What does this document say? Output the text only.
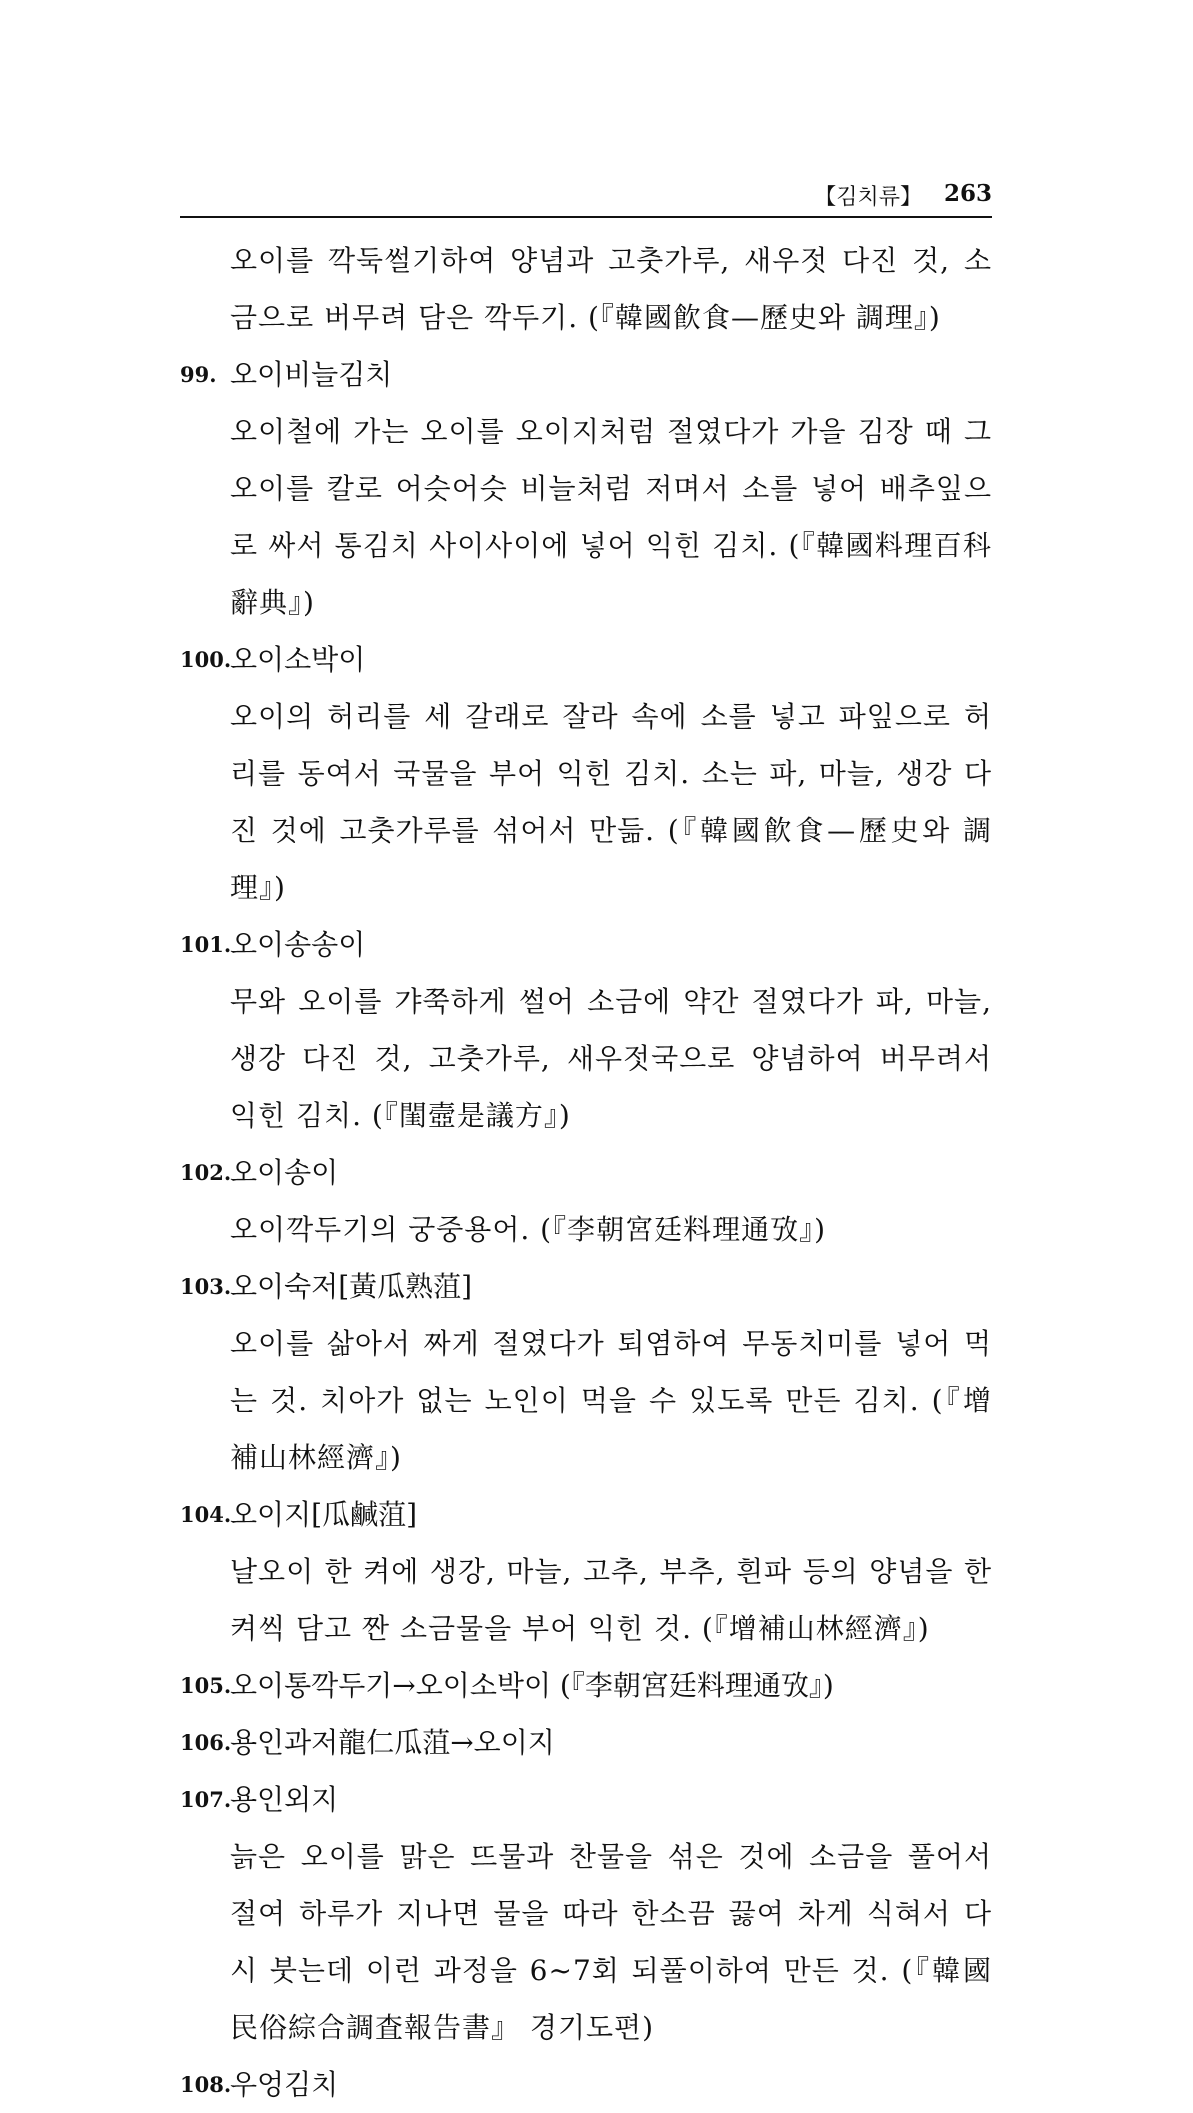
【김치류】 263

오이를 깍둑썰기하여 양념과 고춧가루, 새우젓 다진 것, 소금으로 버무려 담은 깍두기. (『韓國飮食—歷史와 調理』)

99. 오이비늘김치

오이철에 가는 오이를 오이지처럼 절였다가 가을 김장 때 그 오이를 칼로 어슷어슷 비늘처럼 저며서 소를 넣어 배추잎으로 싸서 통김치 사이사이에 넣어 익힌 김치. (『韓國料理百科辭典』)

100.
오이소박이

오이의 허리를 세 갈래로 잘라 속에 소를 넣고 파잎으로 허리를 동여서 국물을 부어 익힌 김치. 소는 파, 마늘, 생강 다진 것에 고춧가루를 섞어서 만듦. (『韓國飮食—歷史와 調理』)

101.
오이송송이

무와 오이를 갸쭉하게 썰어 소금에 약간 절였다가 파, 마늘, 생강 다진 것, 고춧가루, 새우젓국으로 양념하여 버무려서 익힌 김치. (『閨壼是議方』)

102.
오이송이

오이깍두기의 궁중용어. (『李朝宮廷料理通攷』)

103.
오이숙저[黃瓜熟菹]

오이를 삶아서 짜게 절였다가 퇴염하여 무동치미를 넣어 먹는 것. 치아가 없는 노인이 먹을 수 있도록 만든 김치. (『增補山林經濟』)

104.
오이지[瓜鹹菹]

날오이 한 켜에 생강, 마늘, 고추, 부추, 흰파 등의 양념을 한 켜씩 담고 짠 소금물을 부어 익힌 것. (『增補山林經濟』)

105.
오이통깍두기→오이소박이 (『李朝宮廷料理通攷』)
106.
용인과저龍仁瓜菹→오이지
107.
용인외지

늙은 오이를 맑은 뜨물과 찬물을 섞은 것에 소금을 풀어서 절여 하루가 지나면 물을 따라 한소끔 끓여 차게 식혀서 다시 붓는데 이런 과정을 6~7회 되풀이하여 만든 것. (『韓國民俗綜合調査報告書』 경기도편)

108.
우엉김치
